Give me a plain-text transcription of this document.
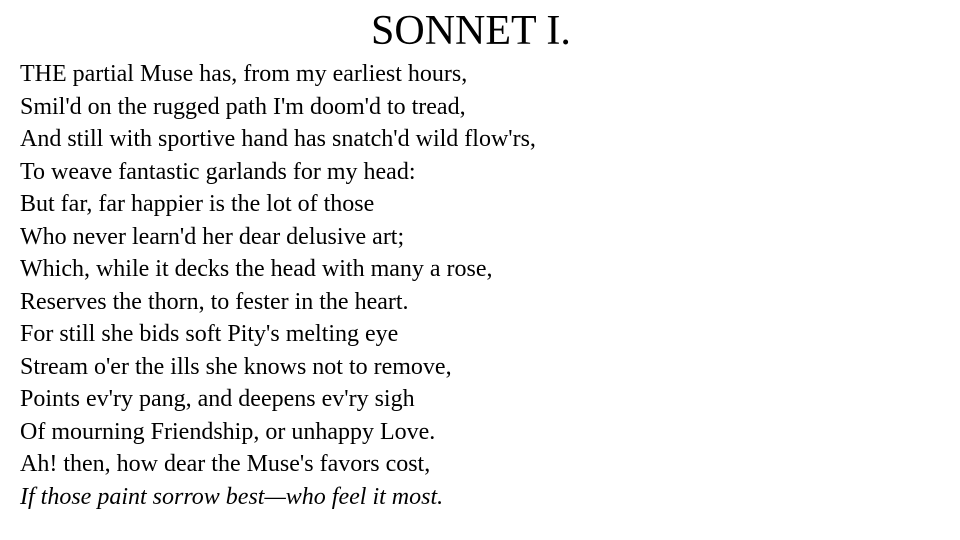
SONNET I.
THE partial Muse has, from my earliest hours,
Smil'd on the rugged path I'm doom'd to tread,
And still with sportive hand has snatch'd wild flow'rs,
To weave fantastic garlands for my head:
But far, far happier is the lot of those
Who never learn'd her dear delusive art;
Which, while it decks the head with many a rose,
Reserves the thorn, to fester in the heart.
For still she bids soft Pity's melting eye
Stream o'er the ills she knows not to remove,
Points ev'ry pang, and deepens ev'ry sigh
Of mourning Friendship, or unhappy Love.
Ah! then, how dear the Muse's favors cost,
If those paint sorrow best—who feel it most.
